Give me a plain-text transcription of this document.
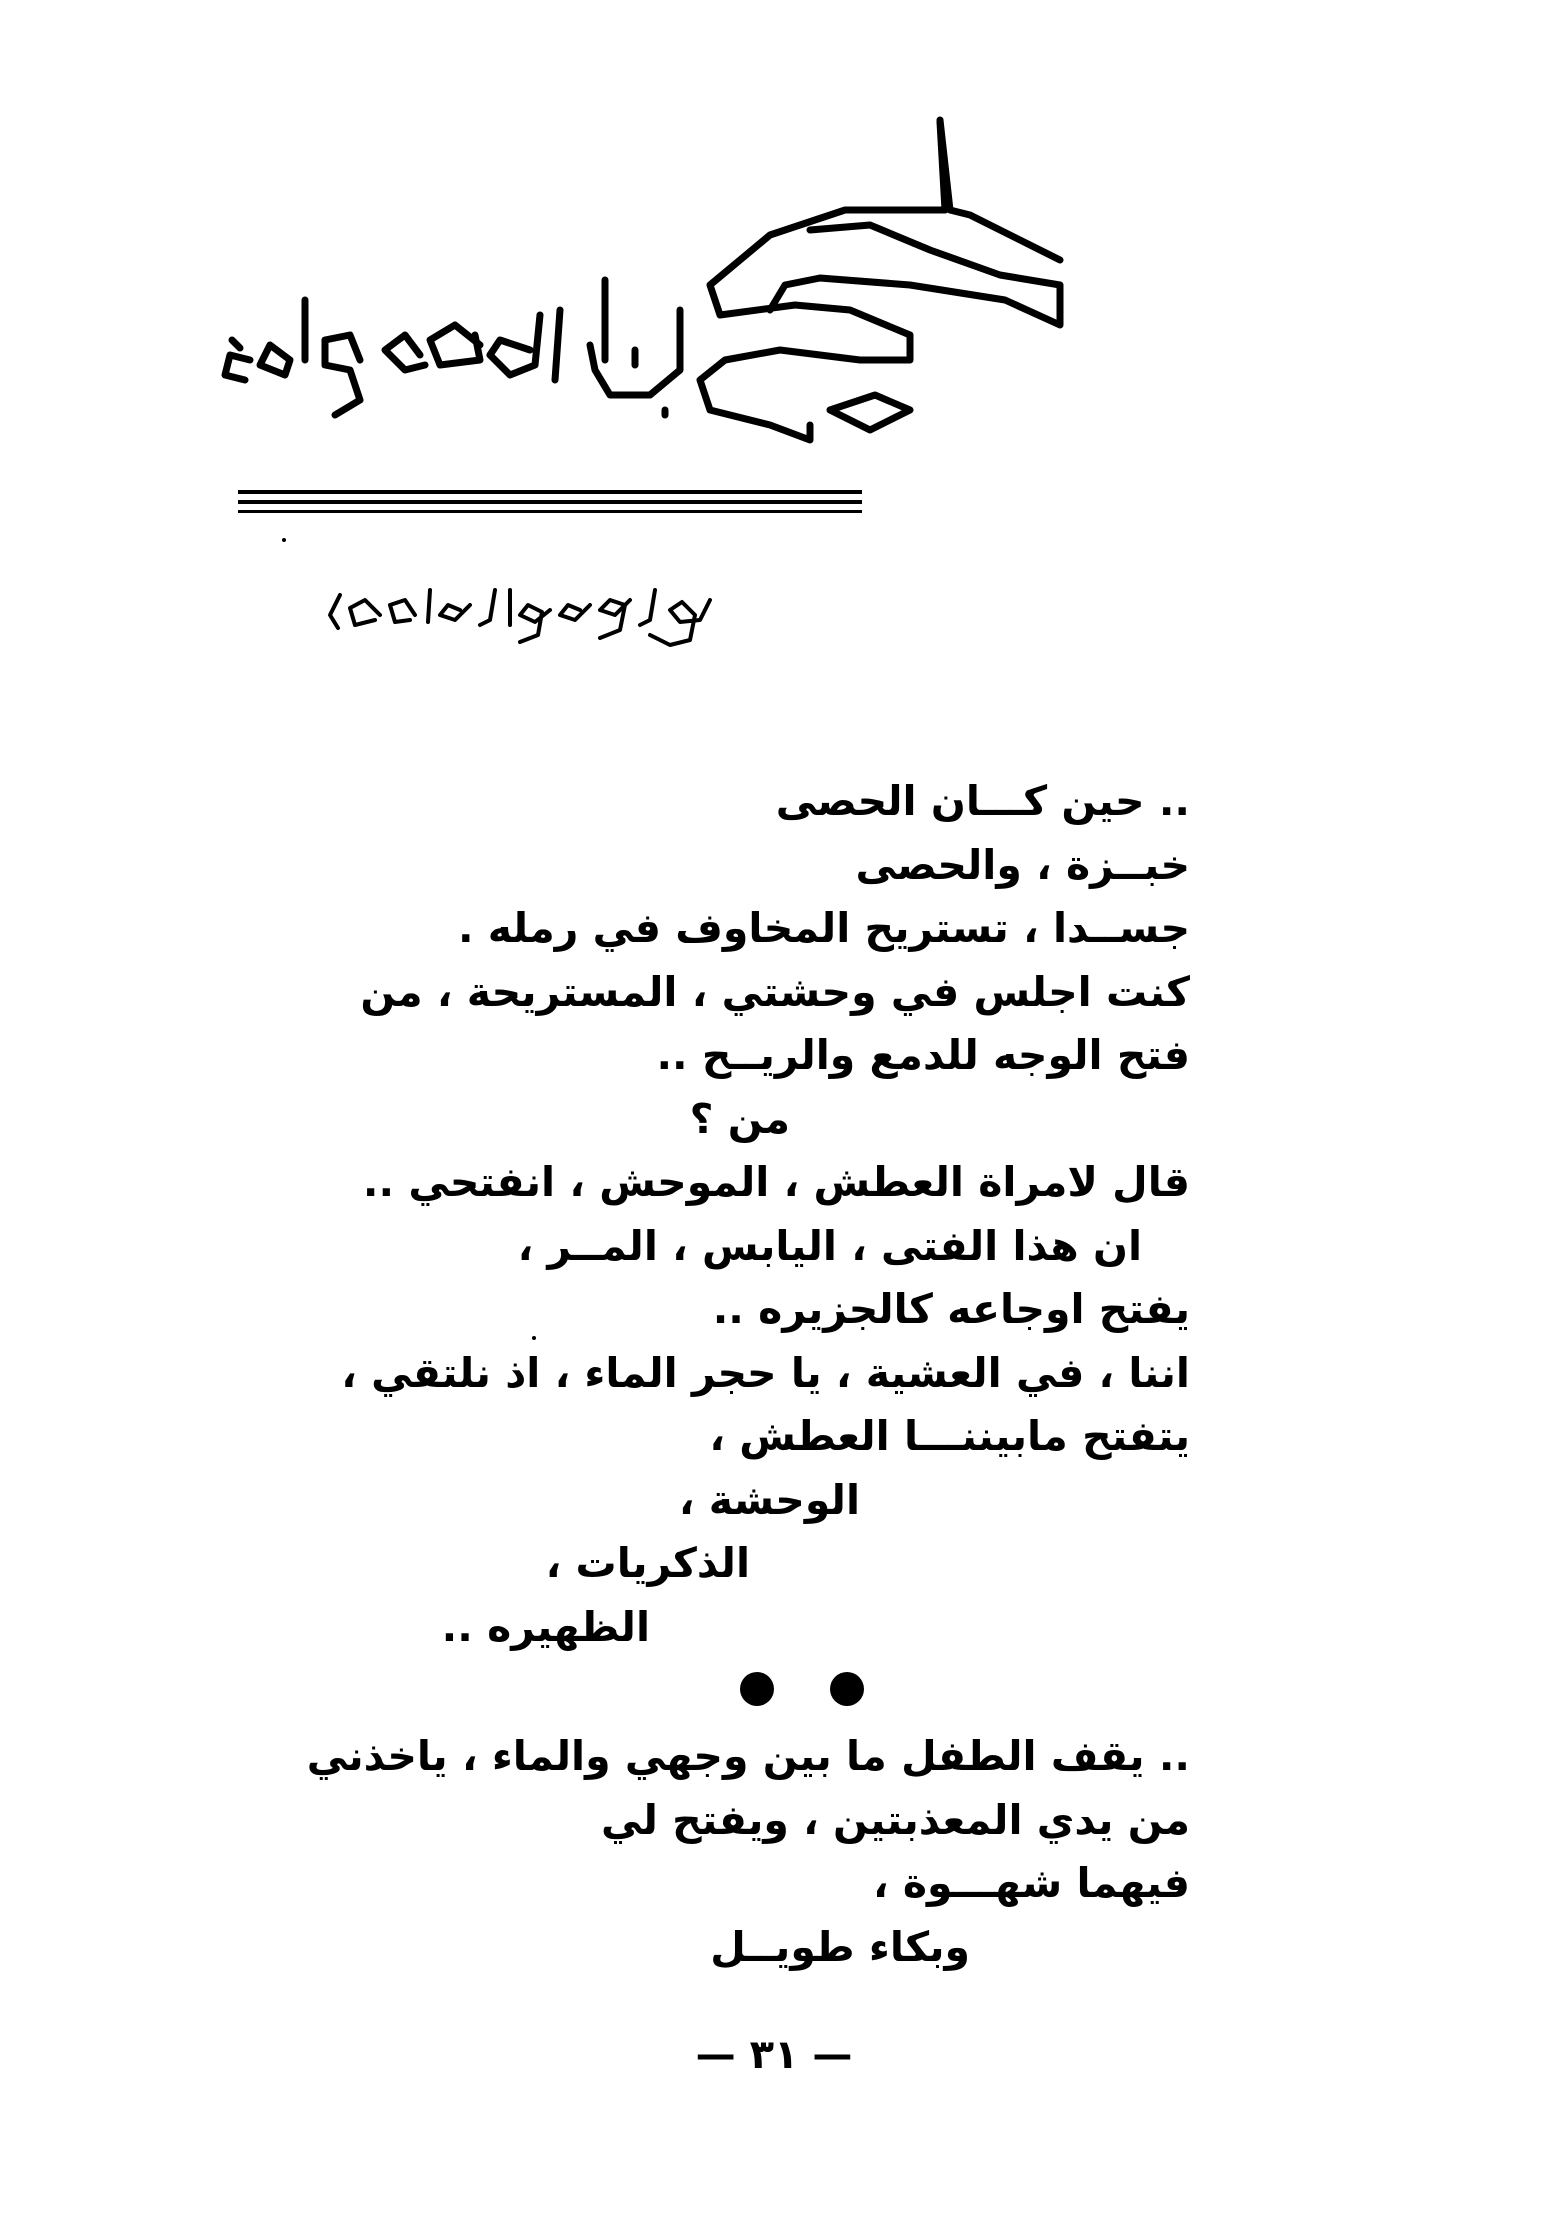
.. حين كـــان الحصى
خبــزة ، والحصى
جســدا ، تستريح المخاوف في رمله .
كنت اجلس في وحشتي ، المستريحة ، من
فتح الوجه للدمع والريــح ..
من ؟
قال لامراة العطش ، الموحش ، انفتحي ..
ان هذا الفتى ، اليابس ، المــر ،
يفتح اوجاعه كالجزيره ..
اننا ، في العشية ، يا حجر الماء ، اذ نلتقي ،
يتفتح مابيننـــا العطش ،
الوحشة ،
الذكريات ،
الظهيره ..
.. يقف الطفل ما بين وجهي والماء ، ياخذني
من يدي المعذبتين ، ويفتح لي
فيهما شهـــوة ،
وبكاء طويــل
— ٣١ —
